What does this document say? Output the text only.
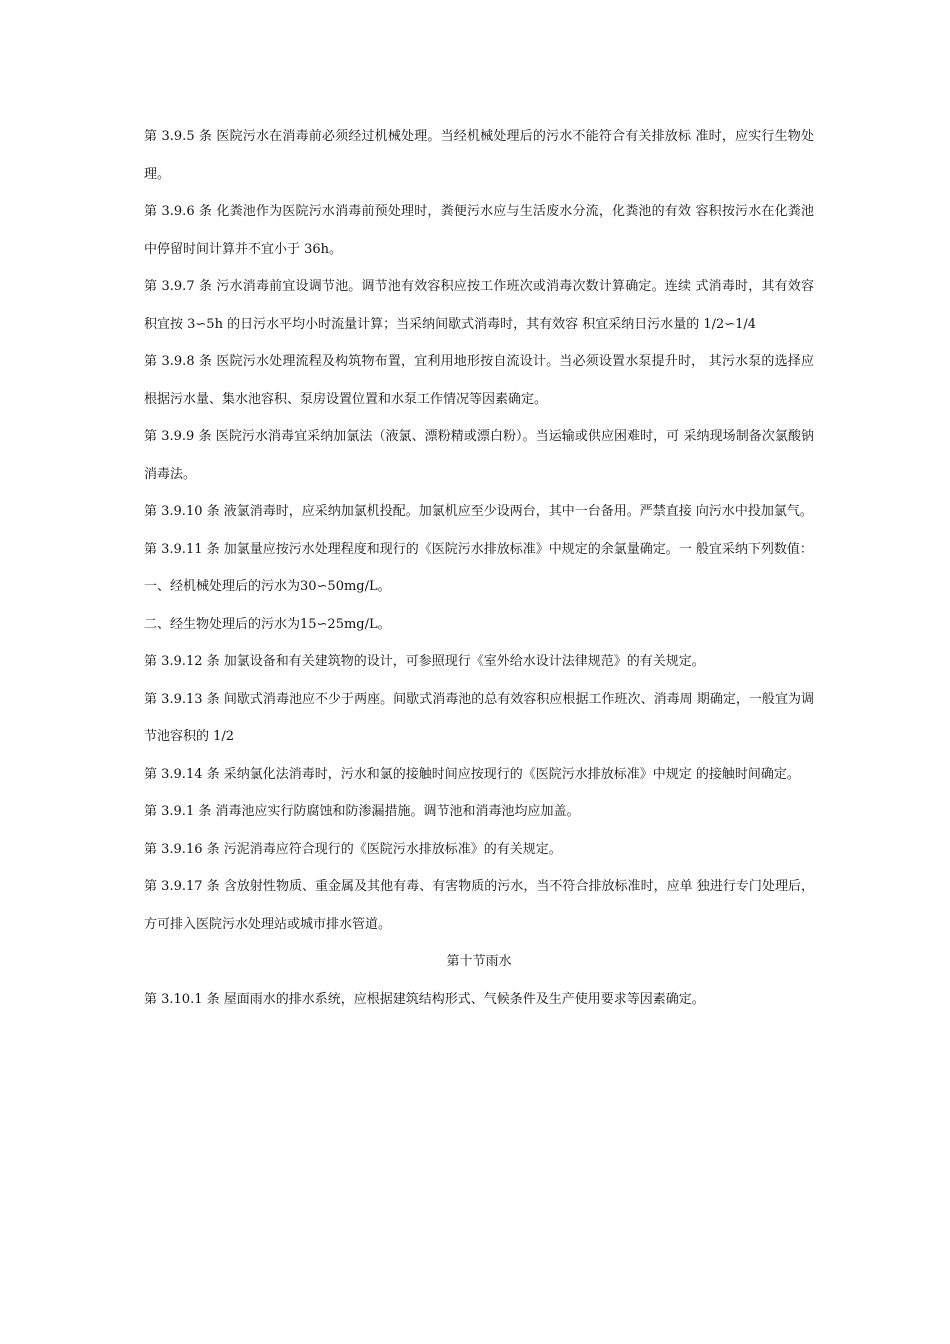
第 3.9.5 条 医院污水在消毒前必须经过机械处理。当经机械处理后的污水不能符合有关排放标 准时，应实行生物处理。

第 3.9.6 条 化粪池作为医院污水消毒前预处理时，粪便污水应与生活废水分流，化粪池的有效 容积按污水在化粪池中停留时间计算并不宜小于 36h。

第 3.9.7 条 污水消毒前宜设调节池。调节池有效容积应按工作班次或消毒次数计算确定。连续 式消毒时，其有效容积宜按 3∽5h 的日污水平均小时流量计算；当采纳间歇式消毒时，其有效容 积宜采纳日污水量的 1/2∽1/4

第 3.9.8 条 医院污水处理流程及构筑物布置，宜利用地形按自流设计。当必须设置水泵提升时， 其污水泵的选择应根据污水量、集水池容积、泵房设置位置和水泵工作情况等因素确定。

第 3.9.9 条 医院污水消毒宜采纳加氯法（液氯、漂粉精或漂白粉）。当运输或供应困难时，可 采纳现场制备次氯酸钠消毒法。

第 3.9.10 条 液氯消毒时，应采纳加氯机投配。加氯机应至少设两台，其中一台备用。严禁直接 向污水中投加氯气。

第 3.9.11 条 加氯量应按污水处理程度和现行的《医院污水排放标准》中规定的余氯量确定。一 般宜采纳下列数值：

一、经机械处理后的污水为30∽50mg/L。

二、经生物处理后的污水为15∽25mg/L。

第 3.9.12 条 加氯设备和有关建筑物的设计，可参照现行《室外给水设计法律规范》的有关规定。

第 3.9.13 条 间歇式消毒池应不少于两座。间歇式消毒池的总有效容积应根据工作班次、消毒周 期确定，一般宜为调节池容积的 1/2

第 3.9.14 条 采纳氯化法消毒时，污水和氯的接触时间应按现行的《医院污水排放标准》中规定 的接触时间确定。

第 3.9.1 条 消毒池应实行防腐蚀和防渗漏措施。调节池和消毒池均应加盖。

第 3.9.16 条 污泥消毒应符合现行的《医院污水排放标准》的有关规定。

第 3.9.17 条 含放射性物质、重金属及其他有毒、有害物质的污水，当不符合排放标准时，应单 独进行专门处理后，方可排入医院污水处理站或城市排水管道。

第十节雨水

第 3.10.1 条 屋面雨水的排水系统，应根据建筑结构形式、气候条件及生产使用要求等因素确定。
